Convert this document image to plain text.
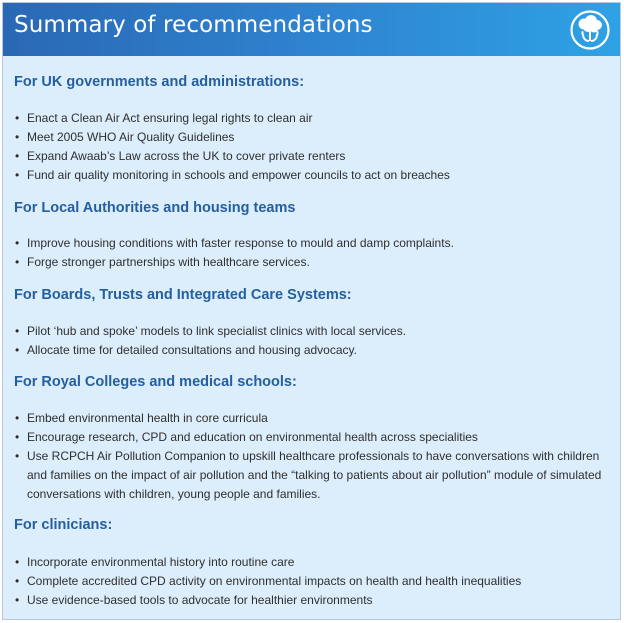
Summary of recommendations
For UK governments and administrations:
• Enact a Clean Air Act ensuring legal rights to clean air
• Meet 2005 WHO Air Quality Guidelines
• Expand Awaab’s Law across the UK to cover private renters
• Fund air quality monitoring in schools and empower councils to act on breaches
For Local Authorities and housing teams
• Improve housing conditions with faster response to mould and damp complaints.
• Forge stronger partnerships with healthcare services.
For Boards, Trusts and Integrated Care Systems:
• Pilot ‘hub and spoke’ models to link specialist clinics with local services.
• Allocate time for detailed consultations and housing advocacy.
For Royal Colleges and medical schools:
• Embed environmental health in core curricula
• Encourage research, CPD and education on environmental health across specialities
• Use RCPCH Air Pollution Companion to upskill healthcare professionals to have conversations with children and families on the impact of air pollution and the “talking to patients about air pollution” module of simulated conversations with children, young people and families.
For clinicians:
• Incorporate environmental history into routine care
• Complete accredited CPD activity on environmental impacts on health and health inequalities
• Use evidence-based tools to advocate for healthier environments
